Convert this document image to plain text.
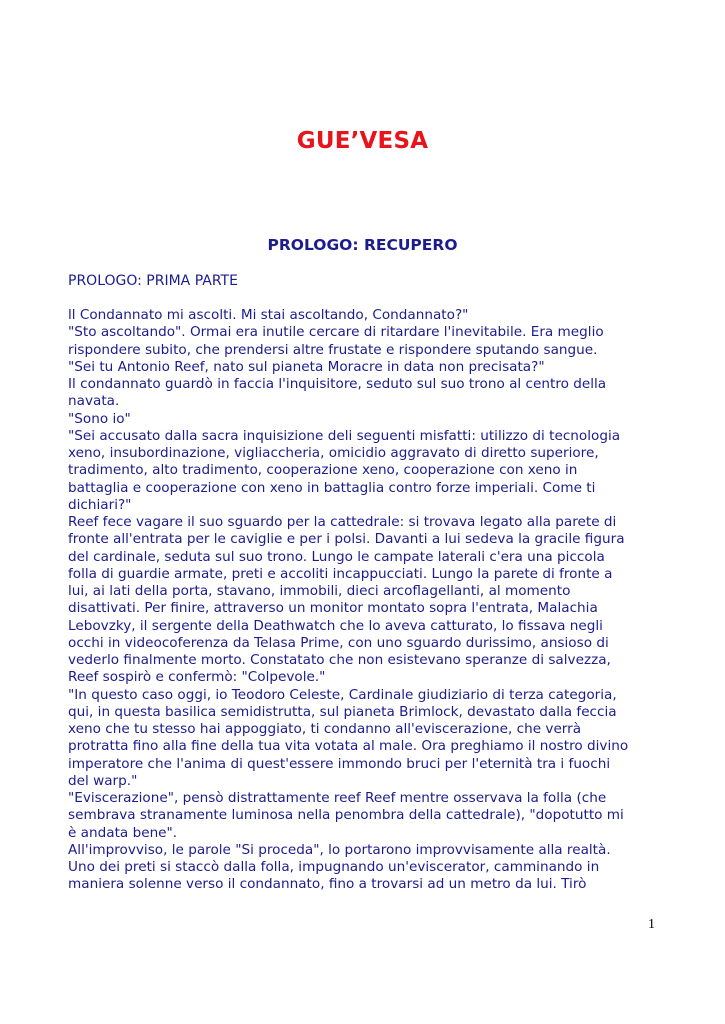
GUE’VESA
PROLOGO: RECUPERO
PROLOGO: PRIMA PARTE
ll Condannato mi ascolti. Mi stai ascoltando, Condannato?"
"Sto ascoltando". Ormai era inutile cercare di ritardare l'inevitabile. Era meglio
rispondere subito, che prendersi altre frustate e rispondere sputando sangue.
"Sei tu Antonio Reef, nato sul pianeta Moracre in data non precisata?"
Il condannato guardò in faccia l'inquisitore, seduto sul suo trono al centro della
navata.
"Sono io"
"Sei accusato dalla sacra inquisizione deli seguenti misfatti: utilizzo di tecnologia
xeno, insubordinazione, vigliaccheria, omicidio aggravato di diretto superiore,
tradimento, alto tradimento, cooperazione xeno, cooperazione con xeno in
battaglia e cooperazione con xeno in battaglia contro forze imperiali. Come ti
dichiari?"
Reef fece vagare il suo sguardo per la cattedrale: si trovava legato alla parete di
fronte all'entrata per le caviglie e per i polsi. Davanti a lui sedeva la gracile figura
del cardinale, seduta sul suo trono. Lungo le campate laterali c'era una piccola
folla di guardie armate, preti e accoliti incappucciati. Lungo la parete di fronte a
lui, ai lati della porta, stavano, immobili, dieci arcoflagellanti, al momento
disattivati. Per finire, attraverso un monitor montato sopra l'entrata, Malachia
Lebovzky, il sergente della Deathwatch che lo aveva catturato, lo fissava negli
occhi in videocoferenza da Telasa Prime, con uno sguardo durissimo, ansioso di
vederlo finalmente morto. Constatato che non esistevano speranze di salvezza,
Reef sospirò e confermò: "Colpevole."
"In questo caso oggi, io Teodoro Celeste, Cardinale giudiziario di terza categoria,
qui, in questa basilica semidistrutta, sul pianeta Brimlock, devastato dalla feccia
xeno che tu stesso hai appoggiato, ti condanno all'eviscerazione, che verrà
protratta fino alla fine della tua vita votata al male. Ora preghiamo il nostro divino
imperatore che l'anima di quest'essere immondo bruci per l'eternità tra i fuochi
del warp."
"Eviscerazione", pensò distrattamente reef Reef mentre osservava la folla (che
sembrava stranamente luminosa nella penombra della cattedrale), "dopotutto mi
è andata bene".
All'improvviso, le parole "Si proceda", lo portarono improvvisamente alla realtà.
Uno dei preti si staccò dalla folla, impugnando un'eviscerator, camminando in
maniera solenne verso il condannato, fino a trovarsi ad un metro da lui. Tirò
1
